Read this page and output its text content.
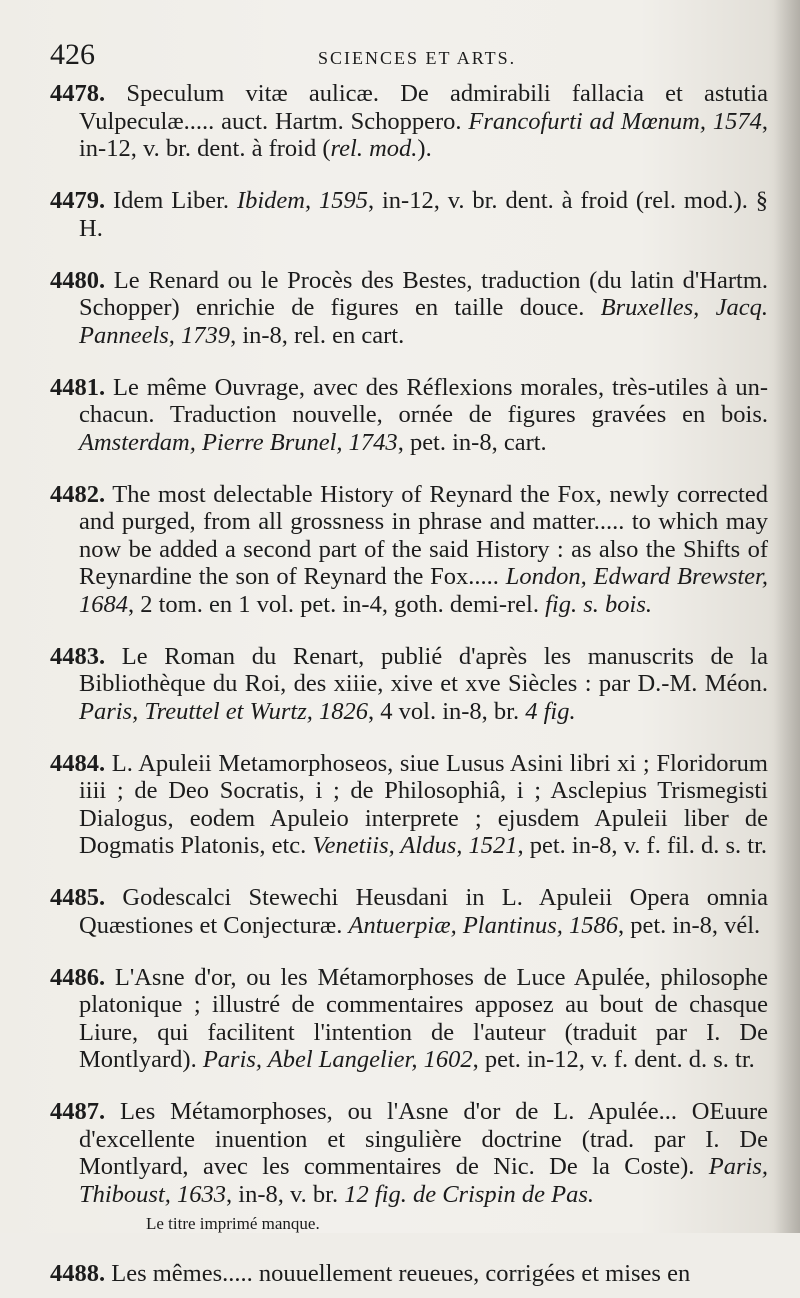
426	SCIENCES ET ARTS.

4478. Speculum vitæ aulicæ. De admirabili fallacia et astutia Vulpeculæ..... auct. Hartm. Schoppero. Francofurti ad Mœnum, 1574, in-12, v. br. dent. à froid (rel. mod.).

4479. Idem Liber. Ibidem, 1595, in-12, v. br. dent. à froid (rel. mod.). § H.

4480. Le Renard ou le Procès des Bestes, traduction (du latin d'Hartm. Schopper) enrichie de figures en taille douce. Bruxelles, Jacq. Panneels, 1739, in-8, rel. en cart.

4481. Le même Ouvrage, avec des Réflexions morales, très-utiles à un-chacun. Traduction nouvelle, ornée de figures gravées en bois. Amsterdam, Pierre Brunel, 1743, pet. in-8, cart.

4482. The most delectable History of Reynard the Fox, newly corrected and purged, from all grossness in phrase and matter..... to which may now be added a second part of the said History : as also the Shifts of Reynardine the son of Reynard the Fox..... London, Edward Brewster, 1684, 2 tom. en 1 vol. pet. in-4, goth. demi-rel. fig. s. bois.

4483. Le Roman du Renart, publié d'après les manuscrits de la Bibliothèque du Roi, des xiiie, xive et xve Siècles : par D.-M. Méon. Paris, Treuttel et Wurtz, 1826, 4 vol. in-8, br. 4 fig.

4484. L. Apuleii Metamorphoseos, siue Lusus Asini libri xi ; Floridorum iiii ; de Deo Socratis, i ; de Philosophiâ, i ; Asclepius Trismegisti Dialogus, eodem Apuleio interprete ; ejusdem Apuleii liber de Dogmatis Platonis, etc. Venetiis, Aldus, 1521, pet. in-8, v. f. fil. d. s. tr.

4485. Godescalci Stewechi Heusdani in L. Apuleii Opera omnia Quæstiones et Conjecturæ. Antuerpiæ, Plantinus, 1586, pet. in-8, vél.

4486. L'Asne d'or, ou les Métamorphoses de Luce Apulée, philosophe platonique ; illustré de commentaires apposez au bout de chasque Liure, qui facilitent l'intention de l'auteur (traduit par I. De Montlyard). Paris, Abel Langelier, 1602, pet. in-12, v. f. dent. d. s. tr.

4487. Les Métamorphoses, ou l'Asne d'or de L. Apulée... OEuure d'excellente inuention et singulière doctrine (trad. par I. De Montlyard, avec les commentaires de Nic. De la Coste). Paris, Thiboust, 1633, in-8, v. br. 12 fig. de Crispin de Pas.

Le titre imprimé manque.

4488. Les mêmes..... nouuellement reueues, corrigées et mises en
